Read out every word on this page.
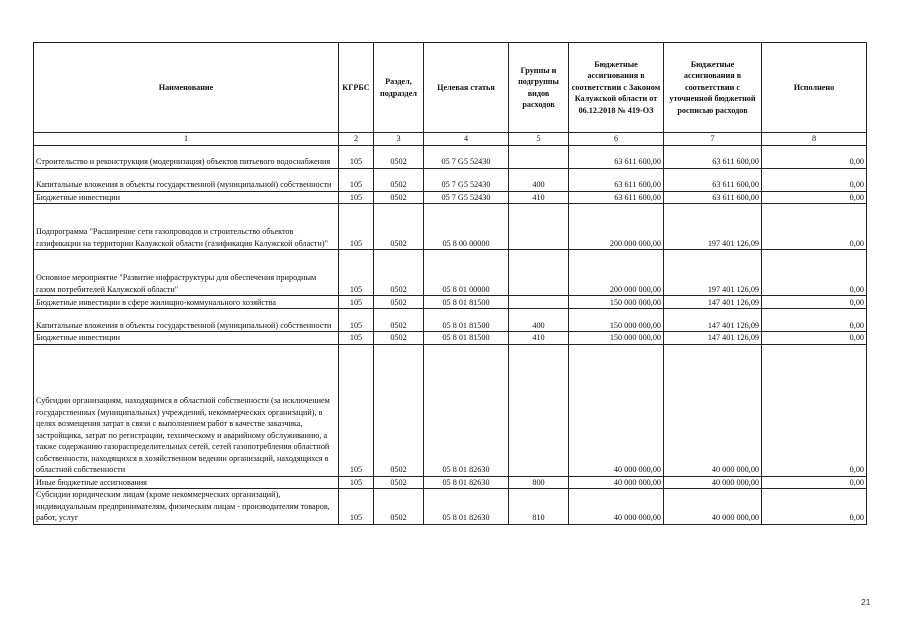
Наименование	КГРБС	Раздел, подраздел	Целевая статья	Группы и подгруппы видов расходов	Бюджетные ассигнования в соответствии с Законом Калужской области от 06.12.2018 № 419-ОЗ	Бюджетные ассигнования в соответствии с уточненной бюджетной росписью расходов	Исполнено
1	2	3	4	5	6	7	8
Строительство и реконструкция (модернизация) объектов питьевого водоснабжения	105	0502	05 7 G5 52430		63 611 600,00	63 611 600,00	0,00
Капитальные вложения в объекты государственной (муниципальной) собственности	105	0502	05 7 G5 52430	400	63 611 600,00	63 611 600,00	0,00
Бюджетные инвестиции	105	0502	05 7 G5 52430	410	63 611 600,00	63 611 600,00	0,00
Подпрограмма "Расширение сети газопроводов и строительство объектов газификации на территории Калужской области (газификация Калужской области)"	105	0502	05 8 00 00000		200 000 000,00	197 401 126,09	0,00
Основное мероприятие "Развитие инфраструктуры для обеспечения природным газом потребителей Калужской области"	105	0502	05 8 01 00000		200 000 000,00	197 401 126,09	0,00
Бюджетные инвестиции в сфере жилищно-коммунального хозяйства	105	0502	05 8 01 81500		150 000 000,00	147 401 126,09	0,00
Капитальные вложения в объекты государственной (муниципальной) собственности	105	0502	05 8 01 81500	400	150 000 000,00	147 401 126,09	0,00
Бюджетные инвестиции	105	0502	05 8 01 81500	410	150 000 000,00	147 401 126,09	0,00
Субсидии организациям, находящимся в областной собственности (за исключением государственных (муниципальных) учреждений, некоммерческих организаций), в целях возмещения затрат в связи с выполнением работ в качестве заказчика, застройщика, затрат по регистрации, техническому и аварийному обслуживанию, а также содержанию газораспределительных сетей, сетей газопотребления областной собственности, находящихся в хозяйственном ведении организаций, находящихся в областной собственности	105	0502	05 8 01 82630		40 000 000,00	40 000 000,00	0,00
Иные бюджетные ассигнования	105	0502	05 8 01 82630	800	40 000 000,00	40 000 000,00	0,00
Субсидии юридическим лицам (кроме некоммерческих организаций), индивидуальным предпринимателям, физическим лицам - производителям товаров, работ, услуг	105	0502	05 8 01 82630	810	40 000 000,00	40 000 000,00	0,00
21
